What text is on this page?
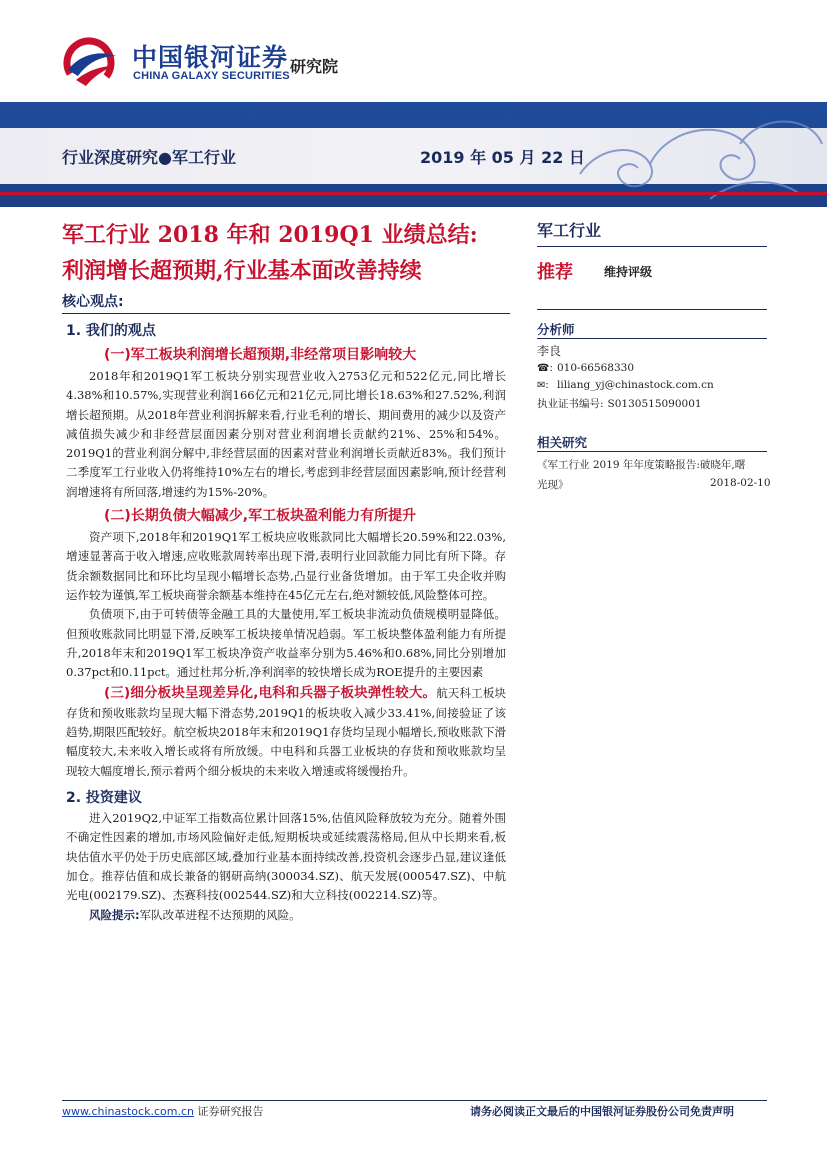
中国银河证券
CHINA GALAXY SECURITIES 研究院
行业深度研究●军工行业	2019 年 05 月 22 日
军工行业 2018 年和 2019Q1 业绩总结:
利润增长超预期,行业基本面改善持续
核心观点:
1. 我们的观点
(一)军工板块利润增长超预期,非经常项目影响较大

2018年和2019Q1军工板块分别实现营业收入2753亿元和522亿元,同比增长4.38%和10.57%,实现营业利润166亿元和21亿元,同比增长18.63%和27.52%,利润增长超预期。从2018年营业利润拆解来看,行业毛利的增长、期间费用的减少以及资产减值损失减少和非经营层面因素分别对营业利润增长贡献约21%、25%和54%。2019Q1的营业利润分解中,非经营层面的因素对营业利润增长贡献近83%。我们预计二季度军工行业收入仍将维持10%左右的增长,考虑到非经营层面因素影响,预计经营利润增速将有所回落,增速约为15%-20%。

(二)长期负债大幅减少,军工板块盈利能力有所提升

资产项下,2018年和2019Q1军工板块应收账款同比大幅增长20.59%和22.03%,增速显著高于收入增速,应收账款周转率出现下滑,表明行业回款能力同比有所下降。存货余额数据同比和环比均呈现小幅增长态势,凸显行业备货增加。由于军工央企收并购运作较为谨慎,军工板块商誉余额基本维持在45亿元左右,绝对额较低,风险整体可控。

负债项下,由于可转债等金融工具的大量使用,军工板块非流动负债规模明显降低。但预收账款同比明显下滑,反映军工板块接单情况趋弱。军工板块整体盈利能力有所提升,2018年末和2019Q1军工板块净资产收益率分别为5.46%和0.68%,同比分别增加0.37pct和0.11pct。通过杜邦分析,净利润率的较快增长成为ROE提升的主要因素

(三)细分板块呈现差异化,电科和兵器子板块弹性较大。航天科工板块存货和预收账款均呈现大幅下滑态势,2019Q1的板块收入减少33.41%,间接验证了该趋势,期限匹配较好。航空板块2018年末和2019Q1存货均呈现小幅增长,预收账款下滑幅度较大,未来收入增长或将有所放缓。中电科和兵器工业板块的存货和预收账款均呈现较大幅度增长,预示着两个细分板块的未来收入增速或将缓慢抬升。

2. 投资建议

进入2019Q2,中证军工指数高位累计回落15%,估值风险释放较为充分。随着外围不确定性因素的增加,市场风险偏好走低,短期板块或延续震荡格局,但从中长期来看,板块估值水平仍处于历史底部区域,叠加行业基本面持续改善,投资机会逐步凸显,建议逢低加仓。推荐估值和成长兼备的钢研高纳(300034.SZ)、航天发展(000547.SZ)、中航光电(002179.SZ)、杰赛科技(002544.SZ)和大立科技(002214.SZ)等。

风险提示:军队改革进程不达预期的风险。
军工行业
推荐	维持评级
分析师
李良
☎: 010-66568330
✉: liliang_yj@chinastock.com.cn
执业证书编号: S0130515090001
相关研究
《军工行业 2019 年年度策略报告:破晓年,曙
光现》	2018-02-10
www.chinastock.com.cn 证券研究报告	请务必阅读正文最后的中国银河证券股份公司免责声明
